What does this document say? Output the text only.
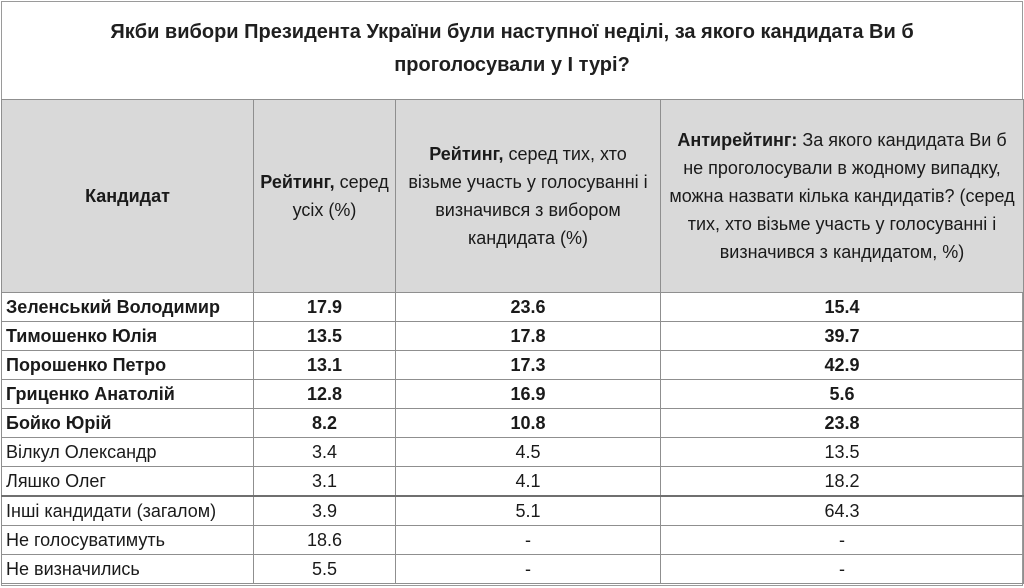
Якби вибори Президента України були наступної неділі, за якого кандидата Ви б проголосували у І турі?
Кандидат	Рейтинг, серед усіх (%)	Рейтинг, серед тих, хто візьме участь у голосуванні і визначився з вибором кандидата (%)	Антирейтинг: За якого кандидата Ви б не проголосували в жодному випадку, можна назвати кілька кандидатів? (серед тих, хто візьме участь у голосуванні і визначився з кандидатом, %)
Зеленський Володимир	17.9	23.6	15.4
Тимошенко Юлія	13.5	17.8	39.7
Порошенко Петро	13.1	17.3	42.9
Гриценко Анатолій	12.8	16.9	5.6
Бойко Юрій	8.2	10.8	23.8
Вілкул Олександр	3.4	4.5	13.5
Ляшко Олег	3.1	4.1	18.2
Інші кандидати (загалом)	3.9	5.1	64.3
Не голосуватимуть	18.6	-	-
Не визначились	5.5	-	-
